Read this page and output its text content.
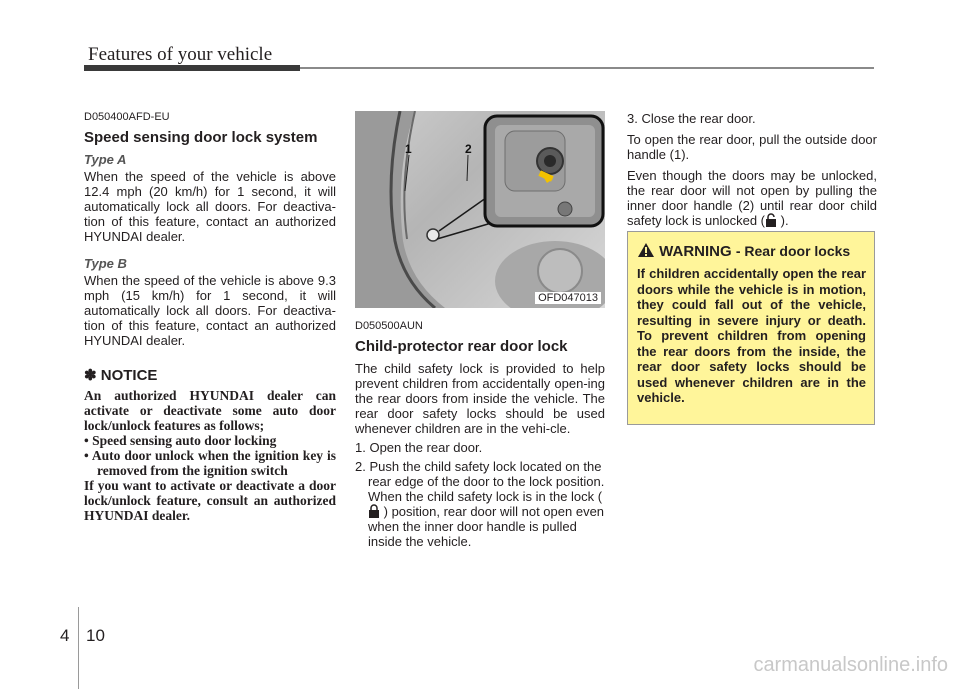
Features of your vehicle
D050400AFD-EU
Speed sensing door lock system
Type A

When the speed of the vehicle is above 12.4 mph (20 km/h) for 1 second, it will automatically lock all doors. For deactiva-tion of this feature, contact an authorized HYUNDAI dealer.

Type B

When the speed of the vehicle is above 9.3 mph (15 km/h) for 1 second, it will automatically lock all doors. For deactiva-tion of this feature, contact an authorized HYUNDAI dealer.

✽ NOTICE
An authorized HYUNDAI dealer can activate or deactivate some auto door lock/unlock features as follows;
• Speed sensing auto door locking
• Auto door unlock when the ignition key is removed from the ignition switch
If you want to activate or deactivate a door lock/unlock feature, consult an authorized HYUNDAI dealer.
1	2
OFD047013
D050500AUN
Child-protector rear door lock

The child safety lock is provided to help prevent children from accidentally open-ing the rear doors from inside the vehicle. The rear door safety locks should be used whenever children are in the vehi-cle.

1. Open the rear door.
2. Push the child safety lock located on the rear edge of the door to the lock position. When the child safety lock is in the lock ( ) position, rear door will not open even when the inner door handle is pulled inside the vehicle.

3. Close the rear door.

To open the rear door, pull the outside door handle (1).

Even though the doors may be unlocked, the rear door will not open by pulling the inner door handle (2) until rear door child safety lock is unlocked ( ).

WARNING - Rear door locks
If children accidentally open the rear doors while the vehicle is in motion, they could fall out of the vehicle, resulting in severe injury or death. To prevent children from opening the rear doors from the inside, the rear door safety locks should be used whenever children are in the vehicle.
4 10
carmanualsonline.info
